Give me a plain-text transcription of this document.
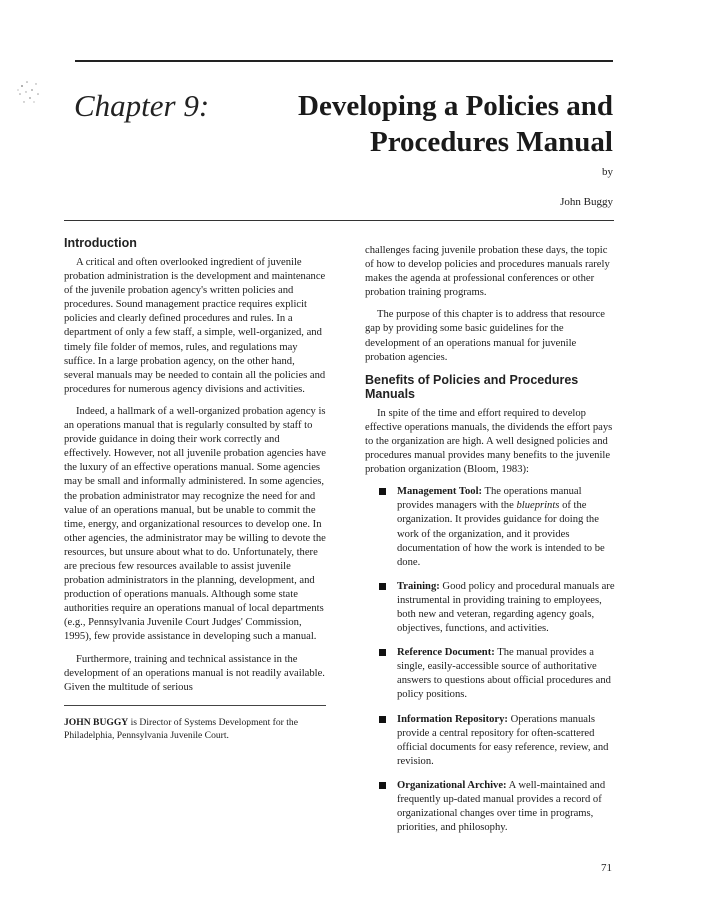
Chapter 9:	Developing a Policies and Procedures Manual
by
John Buggy
Introduction

A critical and often overlooked ingredient of juvenile probation administration is the development and maintenance of the juvenile probation agency's written policies and procedures. Sound management practice requires explicit policies and clearly defined procedures and rules. In a department of only a few staff, a simple, well-organized, and timely file folder of memos, rules, and regulations may suffice. In a large probation agency, on the other hand, several manuals may be needed to contain all the policies and procedures for numerous agency divisions and activities.

Indeed, a hallmark of a well-organized probation agency is an operations manual that is regularly consulted by staff to provide guidance in doing their work correctly and effectively. However, not all juvenile probation agencies have the luxury of an effective operations manual. Some agencies may be small and informally administered. In some agencies, the probation administrator may recognize the need for and value of an operations manual, but be unable to commit the time, energy, and organizational resources to develop one. In other agencies, the administrator may be willing to devote the resources, but unsure about what to do. Unfortunately, there are precious few resources available to assist juvenile probation administrators in the planning, development, and production of operations manuals. Although some state authorities require an operations manual of local departments (e.g., Pennsylvania Juvenile Court Judges' Commission, 1995), few provide assistance in developing such a manual.

Furthermore, training and technical assistance in the development of an operations manual is not readily available. Given the multitude of serious

JOHN BUGGY is Director of Systems Development for the Philadelphia, Pennsylvania Juvenile Court.

challenges facing juvenile probation these days, the topic of how to develop policies and procedures manuals rarely makes the agenda at professional conferences or other probation training programs.

The purpose of this chapter is to address that resource gap by providing some basic guidelines for the development of an operations manual for juvenile probation agencies.

Benefits of Policies and Procedures Manuals

In spite of the time and effort required to develop effective operations manuals, the dividends the effort pays to the organization are high. A well designed policies and procedures manual provides many benefits to the juvenile probation organization (Bloom, 1983):

Management Tool: The operations manual provides managers with the blueprints of the organization. It provides guidance for doing the work of the organization, and it provides documentation of how the work is intended to be done.
Training: Good policy and procedural manuals are instrumental in providing training to employees, both new and veteran, regarding agency goals, objectives, functions, and activities.
Reference Document: The manual provides a single, easily-accessible source of authoritative answers to questions about official procedures and policy positions.
Information Repository: Operations manuals provide a central repository for often-scattered official documents for easy reference, review, and revision.
Organizational Archive: A well-maintained and frequently up-dated manual provides a record of organizational changes over time in programs, priorities, and philosophy.
71
